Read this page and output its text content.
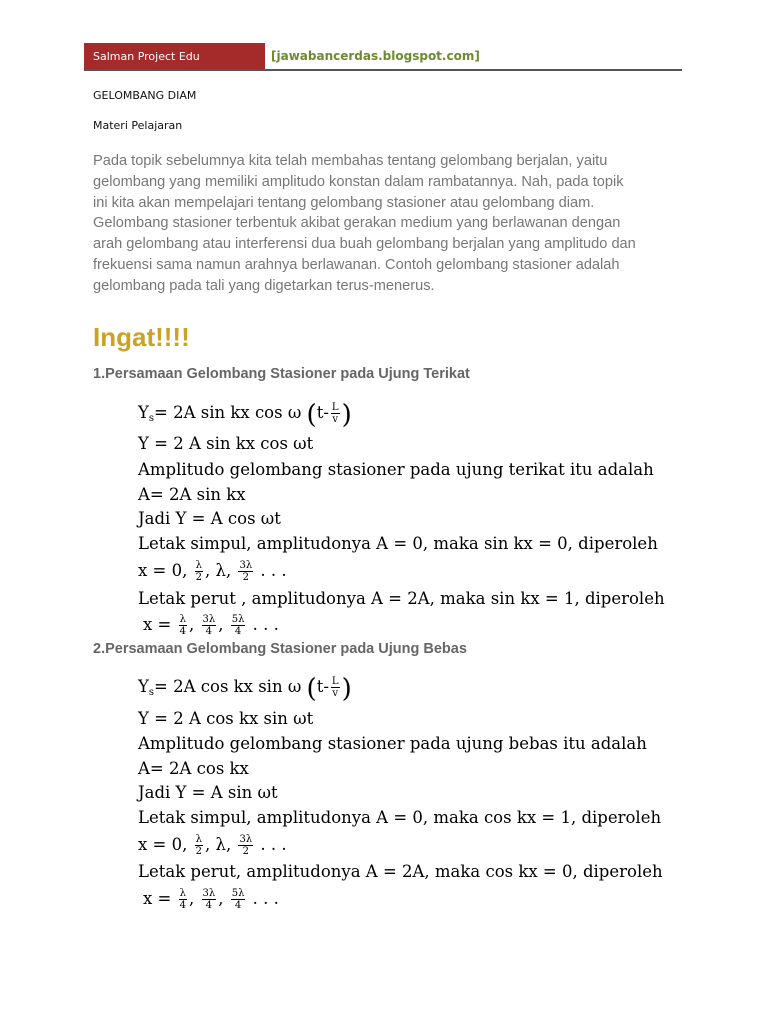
Salman Project Edu	[jawabancerdas.blogspot.com]
GELOMBANG DIAM
Materi Pelajaran
Pada topik sebelumnya kita telah membahas tentang gelombang berjalan, yaitu
gelombang yang memiliki amplitudo konstan dalam rambatannya. Nah, pada topik
ini kita akan mempelajari tentang gelombang stasioner atau gelombang diam.
Gelombang stasioner terbentuk akibat gerakan medium yang berlawanan dengan
arah gelombang atau interferensi dua buah gelombang berjalan yang amplitudo dan
frekuensi sama namun arahnya berlawanan. Contoh gelombang stasioner adalah
gelombang pada tali yang digetarkan terus-menerus.
Ingat!!!!
1.Persamaan Gelombang Stasioner pada Ujung Terikat
$Y_s= 2A$ sin kx cos ω ($t- \frac{L}{v}$ )
Y = 2 A sin kx cos ωt
Amplitudo gelombang stasioner pada ujung terikat itu adalah
A= 2A sin kx
Jadi Y = A cos ωt
Letak simpul, amplitudonya A = 0, maka sin kx = 0, diperoleh
x = 0, $\frac{\lambda}{2}$ , λ, $\frac{3\lambda}{2}$ . . .
Letak perut , amplitudonya A = 2A, maka sin kx = 1, diperoleh
$x = \frac{\lambda}{4}$ , $\frac{3\lambda}{4}$ , $\frac{5\lambda}{4}$ . . .
2.Persamaan Gelombang Stasioner pada Ujung Bebas
$Y_s= 2A$ cos kx sin ω ($t- \frac{L}{v}$ )
Y = 2 A cos kx sin ωt
Amplitudo gelombang stasioner pada ujung bebas itu adalah
A= 2A cos kx
Jadi Y = A sin ωt
Letak simpul, amplitudonya A = 0, maka cos kx = 1, diperoleh
x = 0, $\frac{\lambda}{2}$ , λ, $\frac{3\lambda}{2}$ . . .
Letak perut, amplitudonya A = 2A, maka cos kx = 0, diperoleh
$x = \frac{\lambda}{4}$ , $\frac{3\lambda}{4}$ , $\frac{5\lambda}{4}$ . . .
